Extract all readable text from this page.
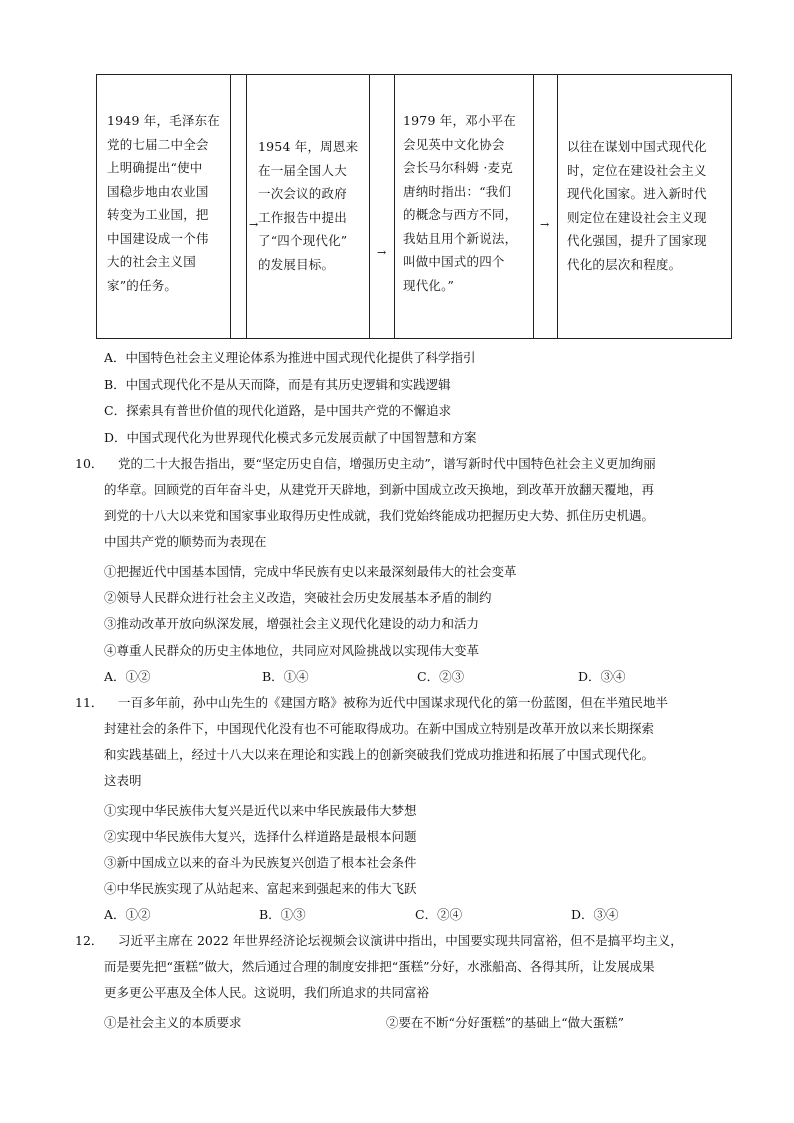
1949 年，毛泽东在
党的七届二中全会
上明确提出“使中
国稳步地由农业国
转变为工业国，把
中国建设成一个伟
大的社会主义国
家”的任务。
→
1954 年，周恩来
在一届全国人大
一次会议的政府
工作报告中提出
了“四个现代化”
的发展目标。
→
1979 年，邓小平在
会见英中文化协会
会长马尔科姆 ·麦克
唐纳时指出：“我们
的概念与西方不同，
我姑且用个新说法，
叫做中国式的四个
现代化。”
→
以往在谋划中国式现代化
时，定位在建设社会主义
现代化国家。进入新时代
则定位在建设社会主义现
代化强国，提升了国家现
代化的层次和程度。
A．中国特色社会主义理论体系为推进中国式现代化提供了科学指引
B．中国式现代化不是从天而降，而是有其历史逻辑和实践逻辑
C．探索具有普世价值的现代化道路，是中国共产党的不懈追求
D．中国式现代化为世界现代化模式多元发展贡献了中国智慧和方案
10． 党的二十大报告指出，要“坚定历史自信，增强历史主动”，谱写新时代中国特色社会主义更加绚丽
的华章。回顾党的百年奋斗史，从建党开天辟地，到新中国成立改天换地，到改革开放翻天覆地，再
到党的十八大以来党和国家事业取得历史性成就，我们党始终能成功把握历史大势、抓住历史机遇。
中国共产党的顺势而为表现在
①把握近代中国基本国情，完成中华民族有史以来最深刻最伟大的社会变革
②领导人民群众进行社会主义改造，突破社会历史发展基本矛盾的制约
③推动改革开放向纵深发展，增强社会主义现代化建设的动力和活力
④尊重人民群众的历史主体地位，共同应对风险挑战以实现伟大变革
A．①②	B．①④	C．②③	D．③④
11． 一百多年前，孙中山先生的《建国方略》被称为近代中国谋求现代化的第一份蓝图，但在半殖民地半
封建社会的条件下，中国现代化没有也不可能取得成功。在新中国成立特别是改革开放以来长期探索
和实践基础上，经过十八大以来在理论和实践上的创新突破我们党成功推进和拓展了中国式现代化。
这表明
①实现中华民族伟大复兴是近代以来中华民族最伟大梦想
②实现中华民族伟大复兴，选择什么样道路是最根本问题
③新中国成立以来的奋斗为民族复兴创造了根本社会条件
④中华民族实现了从站起来、富起来到强起来的伟大飞跃
A．①②	B．①③	C．②④	D．③④
12． 习近平主席在 2022 年世界经济论坛视频会议演讲中指出，中国要实现共同富裕，但不是搞平均主义，
而是要先把“蛋糕”做大，然后通过合理的制度安排把“蛋糕”分好，水涨船高、各得其所，让发展成果
更多更公平惠及全体人民。这说明，我们所追求的共同富裕
①是社会主义的本质要求	②要在不断“分好蛋糕”的基础上“做大蛋糕”
